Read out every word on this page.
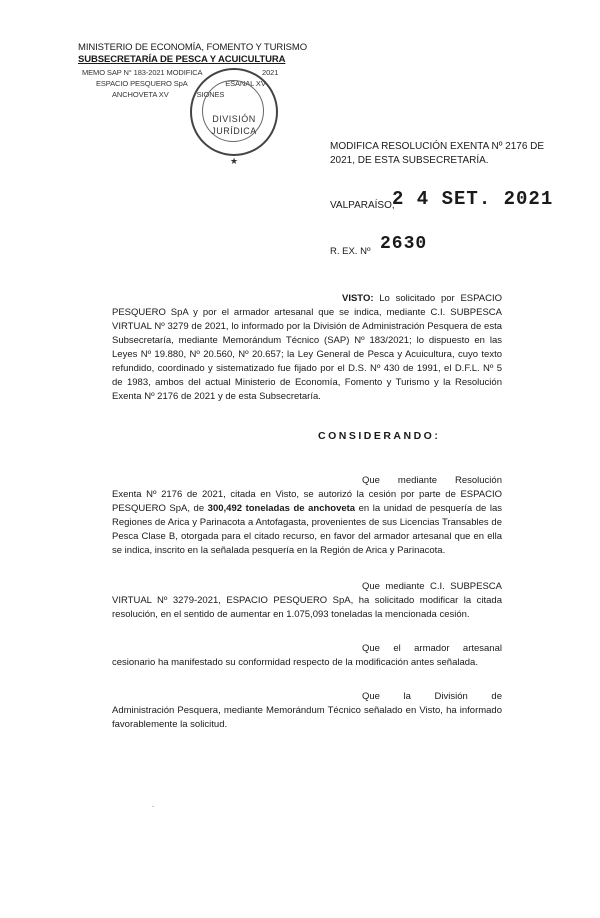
MINISTERIO DE ECONOMÍA, FOMENTO Y TURISMO
SUBSECRETARÍA DE PESCA Y ACUICULTURA
MEMO SAP N° 183-2021 MODIFICA	2021
ESPACIO PESQUERO SpA	ESANAL XV
ANCHOVETA XV	SIONES
DIVISIÓN
JURÍDICA
★
MODIFICA RESOLUCIÓN EXENTA Nº 2176 DE 2021, DE ESTA SUBSECRETARÍA.
VALPARAÍSO,
2 4 SET. 2021
R. EX. Nº 2630
VISTO: Lo solicitado por ESPACIO PESQUERO SpA y por el armador artesanal que se indica, mediante C.I. SUBPESCA VIRTUAL Nº 3279 de 2021, lo informado por la División de Administración Pesquera de esta Subsecretaría, mediante Memorándum Técnico (SAP) Nº 183/2021; lo dispuesto en las Leyes Nº 19.880, Nº 20.560, Nº 20.657; la Ley General de Pesca y Acuicultura, cuyo texto refundido, coordinado y sistematizado fue fijado por el D.S. Nº 430 de 1991, el D.F.L. Nº 5 de 1983, ambos del actual Ministerio de Economía, Fomento y Turismo y la Resolución Exenta Nº 2176 de 2021 y de esta Subsecretaría.
CONSIDERANDO:
Que mediante Resolución Exenta Nº 2176 de 2021, citada en Visto, se autorizó la cesión por parte de ESPACIO PESQUERO SpA, de 300,492 toneladas de anchoveta en la unidad de pesquería de las Regiones de Arica y Parinacota a Antofagasta, provenientes de sus Licencias Transables de Pesca Clase B, otorgada para el citado recurso, en favor del armador artesanal que en ella se indica, inscrito en la señalada pesquería en la Región de Arica y Parinacota.
Que mediante C.I. SUBPESCA VIRTUAL Nº 3279-2021, ESPACIO PESQUERO SpA, ha solicitado modificar la citada resolución, en el sentido de aumentar en 1.075,093 toneladas la mencionada cesión.
Que el armador artesanal cesionario ha manifestado su conformidad respecto de la modificación antes señalada.
Que la División de Administración Pesquera, mediante Memorándum Técnico señalado en Visto, ha informado favorablemente la solicitud.
.
